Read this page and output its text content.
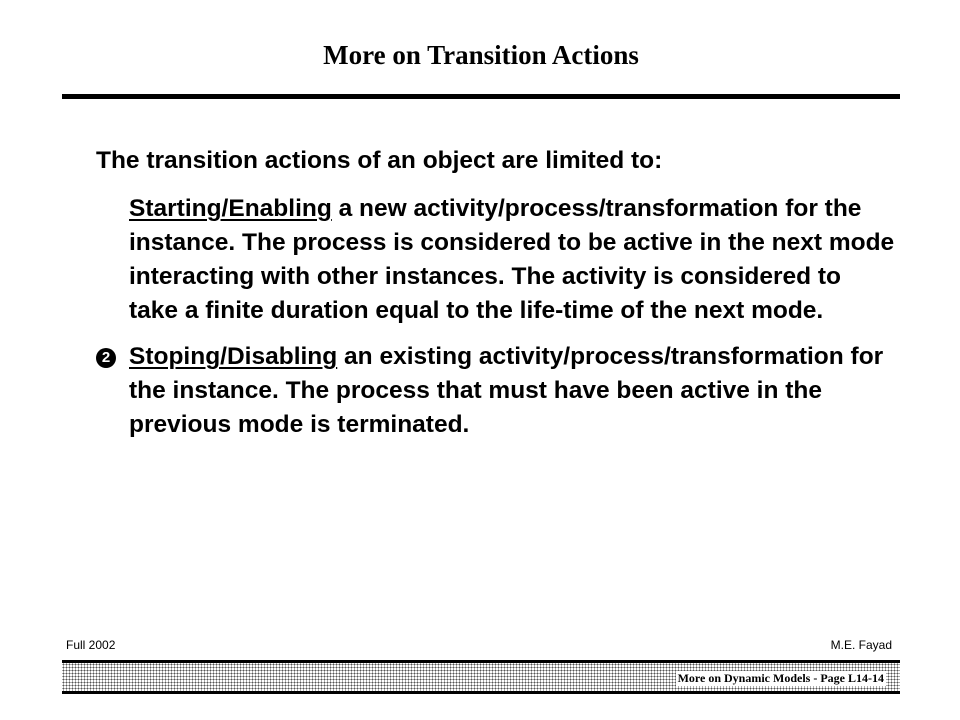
More on Transition Actions

The transition actions of an object are limited to:

Starting/Enabling a new activity/process/transformation for the instance. The process is considered to be active in the next mode interacting with other instances. The activity is considered to take a finite duration equal to the life-time of the next mode.
2 Stoping/Disabling an existing activity/process/transformation for the instance. The process that must have been active in the previous mode is terminated.
Full 2002	M.E. Fayad
More on Dynamic Models - Page L14-14
